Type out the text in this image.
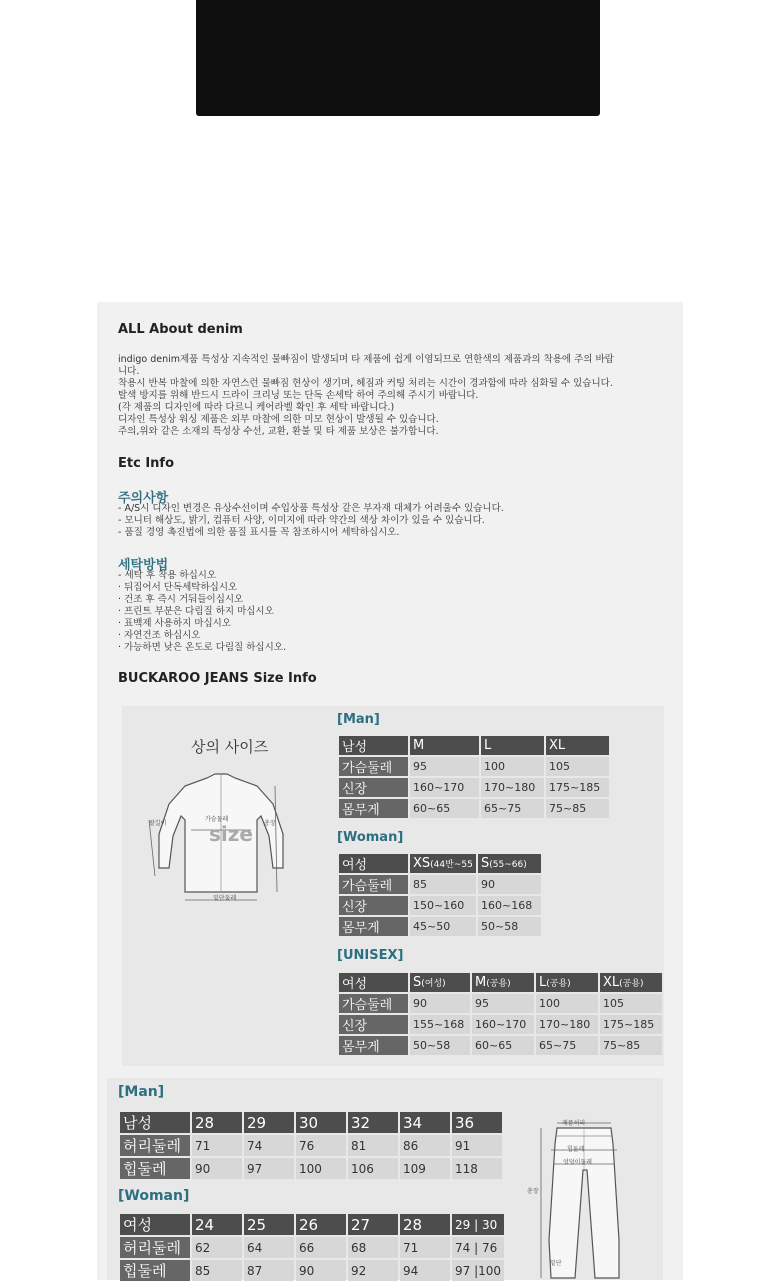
ALL About denim

indigo denim제품 특성상 지속적인 물빠짐이 발생되며 타 제품에 쉽게 이염되므로 연한색의 제품과의 착용에 주의 바랍

니다.

착용시 반복 마찰에 의한 자연스런 물빠짐 현상이 생기며, 헤짐과 커팅 처리는 시간이 경과함에 따라 심화될 수 있습니다.

탈색 방지를 위해 반드시 드라이 크리닝 또는 단독 손세탁 하여 주의해 주시기 바랍니다.

(각 제품의 디자인에 따라 다르니 케어라벨 확인 후 세탁 바랍니다.)

디자인 특성상 워싱 제품은 외부 마찰에 의한 미모 현상이 발생될 수 있습니다.

주의,위와 같은 소재의 특성상 수선, 교환, 환불 및 타 제품 보상은 불가합니다.

Etc Info
주의사항

- A/S시 디자인 변경은 유상수선이며 수입상품 특성상 같은 부자재 대체가 어려울수 있습니다.

- 모니터 해상도, 밝기, 컴퓨터 사양, 이미지에 따라 약간의 색상 차이가 있을 수 있습니다.

- 품질 경영 촉진법에 의한 품질 표시를 꼭 참조하시어 세탁하십시오.

세탁방법

- 세탁 후 착용 하십시오

· 뒤집어서 단독세탁하십시오

· 건조 후 즉시 거둬들이십시오

· 프린트 부분은 다림질 하지 마십시오

· 표백제 사용하지 마십시오

· 자연건조 하십시오

· 가능하면 낮은 온도로 다림질 하십시오.

BUCKAROO JEANS Size Info
상의 사이즈
size
가슴둘레
팔길이	총장
밑단둘레
[Man]
남성	M	L	XL
가슴둘레	95	100	105
신장	160~170	170~180	175~185
몸무게	60~65	65~75	75~85
[Woman]
여성	XS(44반~55	S(55~66)
가슴둘레	85	90
신장	150~160	160~168
몸무게	45~50	50~58
[UNISEX]
여성	S(여성)	M(공용)	L(공용)	XL(공용)
가슴둘레	90	95	100	105
신장	155~168	160~170	170~180	175~185
몸무게	50~58	60~65	65~75	75~85
[Man]
남성	28	29	30	32	34	36
허리둘레	71	74	76	81	86	91
힙둘레	90	97	100	106	109	118
[Woman]
여성	24	25	26	27	28	29 | 30
허리둘레	62	64	66	68	71	74 | 76
힙둘레	85	87	90	92	94	97 |100
제품허리
힙둘레
엉덩이둘레
총장
밑단
